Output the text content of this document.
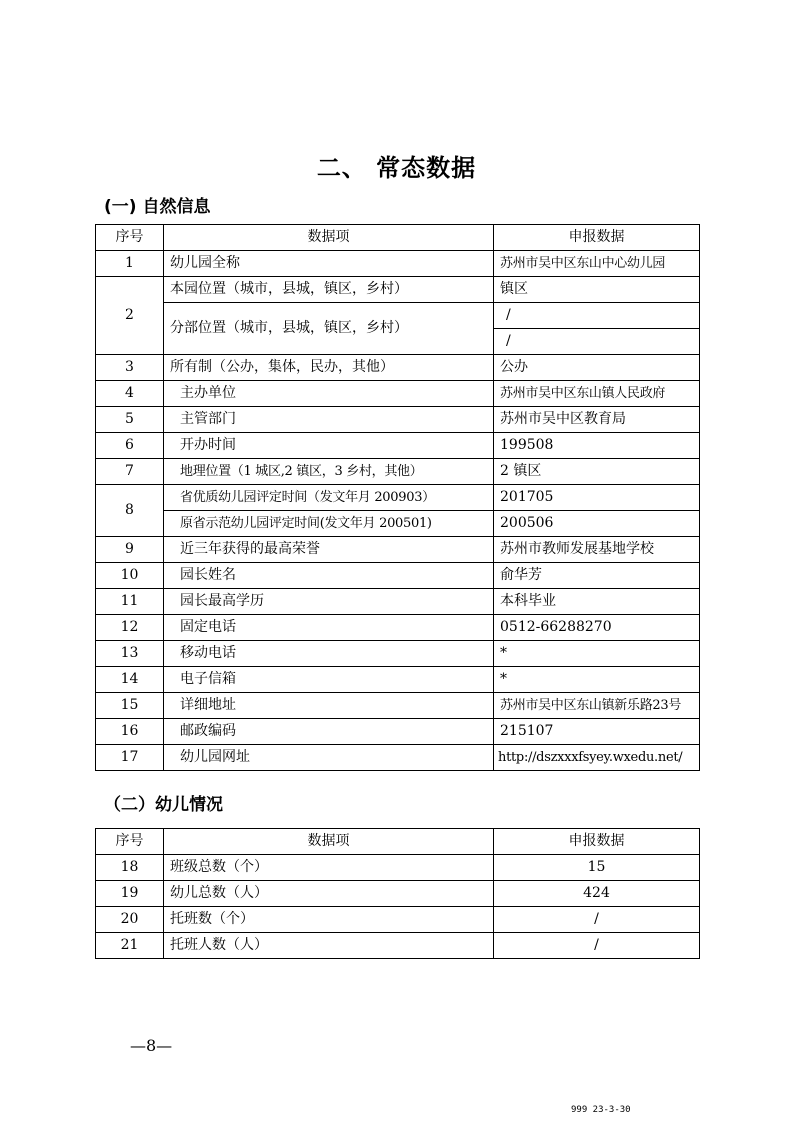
二、 常态数据
(一) 自然信息
序号	数据项	申报数据
1	幼儿园全称	苏州市吴中区东山中心幼儿园
2	本园位置（城市，县城，镇区，乡村）	镇区
	分部位置（城市，县城，镇区，乡村）	/
		/
3	所有制（公办，集体，民办，其他）	公办
4	主办单位	苏州市吴中区东山镇人民政府
5	主管部门	苏州市吴中区教育局
6	开办时间	199508
7	地理位置（1 城区,2 镇区，3 乡村，其他）	2 镇区
8	省优质幼儿园评定时间（发文年月 200903）	201705
	原省示范幼儿园评定时间(发文年月 200501)	200506
9	近三年获得的最高荣誉	苏州市教师发展基地学校
10	园长姓名	俞华芳
11	园长最高学历	本科毕业
12	固定电话	0512-66288270
13	移动电话	*
14	电子信箱	*
15	详细地址	苏州市吴中区东山镇新乐路23号
16	邮政编码	215107
17	幼儿园网址	http://dszxxxfsyey.wxedu.net/
（二）幼儿情况
序号	数据项	申报数据
18	班级总数（个）	15
19	幼儿总数（人）	424
20	托班数（个）	/
21	托班人数（人）	/
—8—
999 23-3-30
